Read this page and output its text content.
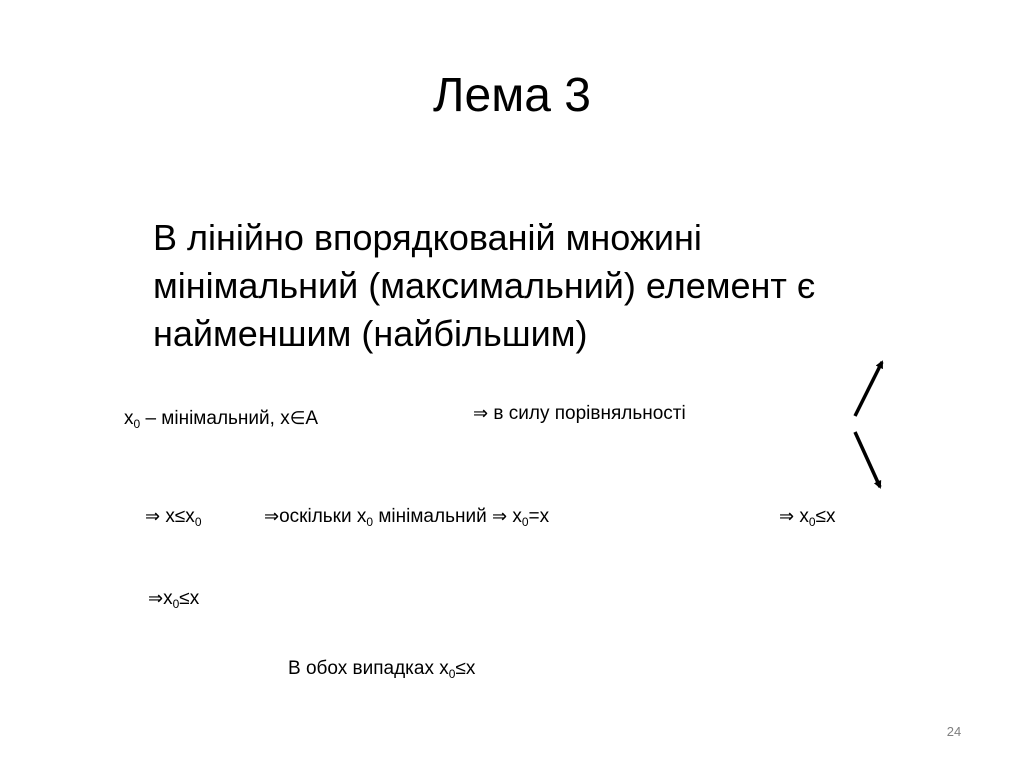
Лема 3
В лінійно впорядкованій множині
мінімальний (максимальний) елемент є
найменшим (найбільшим)
$x_0$ – мінімальний, x∈A	⇒ в силу порівняльності
⇒ $x\le x_0$	⇒оскільки $x_0$ мінімальний ⇒ $x_0=x$	⇒ $x_0\le x$
$\Rightarrow x_0\le x$
В обох випадках $x_0\le x$
24
